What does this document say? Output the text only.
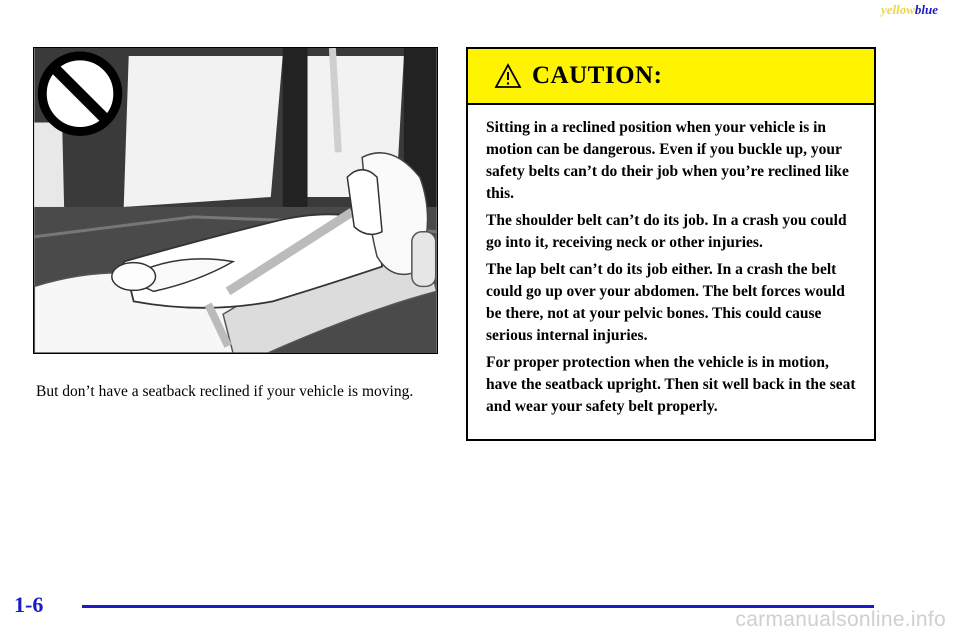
yellowblue
But don’t have a seatback reclined if your vehicle is moving.
CAUTION:

Sitting in a reclined position when your vehicle is in motion can be dangerous. Even if you buckle up, your safety belts can’t do their job when you’re reclined like this.

The shoulder belt can’t do its job. In a crash you could go into it, receiving neck or other injuries.

The lap belt can’t do its job either. In a crash the belt could go up over your abdomen. The belt forces would be there, not at your pelvic bones. This could cause serious internal injuries.

For proper protection when the vehicle is in motion, have the seatback upright. Then sit well back in the seat and wear your safety belt properly.

1-6
carmanualsonline.info
